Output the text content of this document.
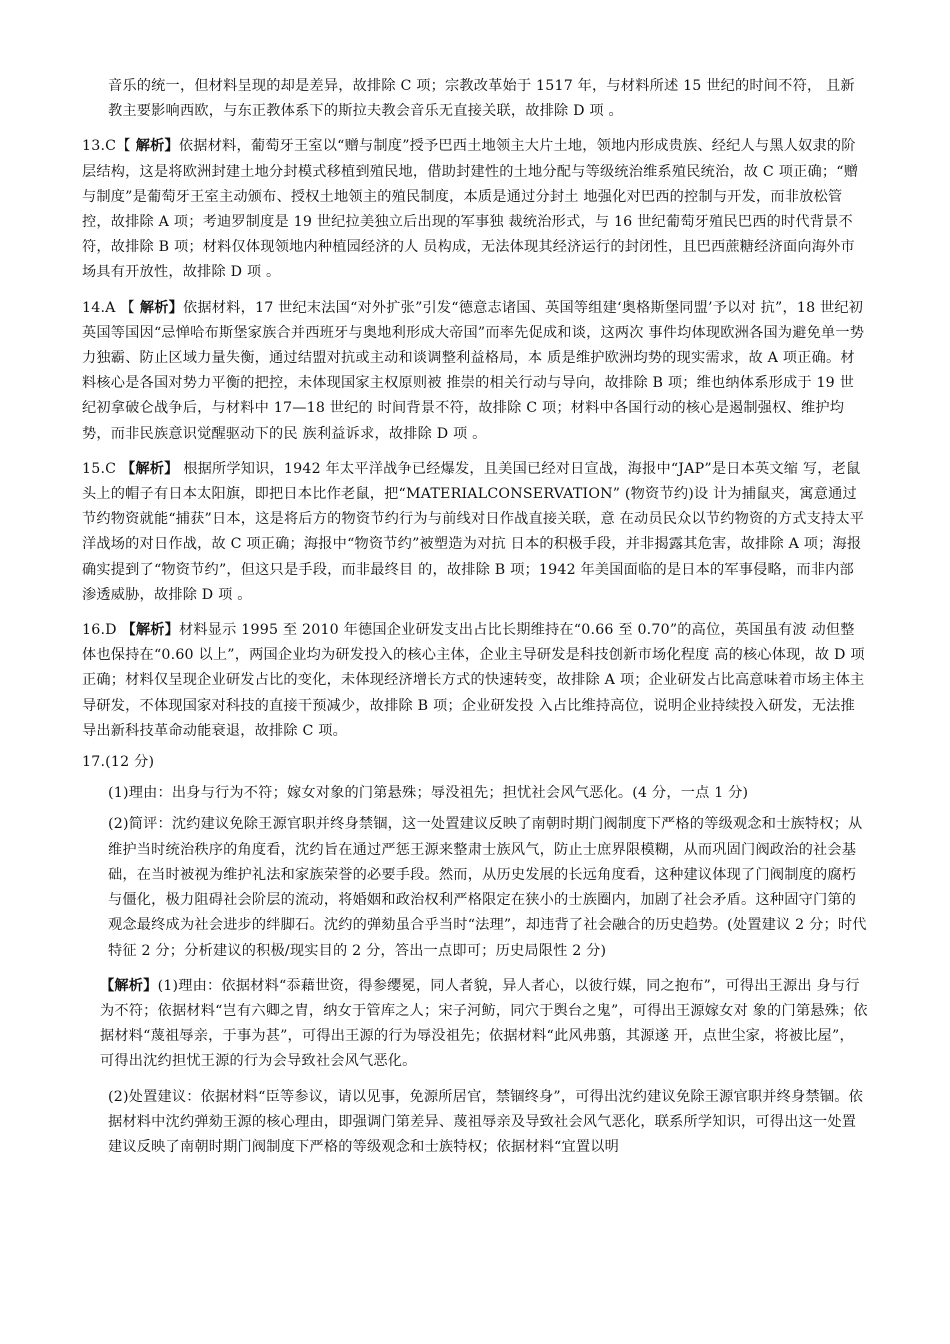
音乐的统一，但材料呈现的却是差异，故排除 C 项；宗教改革始于 1517 年，与材料所述 15 世纪的时间不符， 且新教主要影响西欧，与东正教体系下的斯拉夫教会音乐无直接关联，故排除 D 项 。

13.C【 解析】依据材料，葡萄牙王室以“赠与制度”授予巴西土地领主大片土地，领地内形成贵族、经纪人与黑人奴隶的阶层结构，这是将欧洲封建土地分封模式移植到殖民地，借助封建性的土地分配与等级统治维系殖民统治，故 C 项正确；“赠与制度”是葡萄牙王室主动颁布、授权土地领主的殖民制度，本质是通过分封土 地强化对巴西的控制与开发，而非放松管控，故排除 A 项；考迪罗制度是 19 世纪拉美独立后出现的军事独 裁统治形式，与 16 世纪葡萄牙殖民巴西的时代背景不符，故排除 B 项；材料仅体现领地内种植园经济的人 员构成，无法体现其经济运行的封闭性，且巴西蔗糖经济面向海外市场具有开放性，故排除 D 项 。

14.A 【 解析】依据材料，17 世纪末法国“对外扩张”引发“德意志诸国、英国等组建‘奥格斯堡同盟’予以对 抗”，18 世纪初英国等国因“忌惮哈布斯堡家族合并西班牙与奥地利形成大帝国”而率先促成和谈，这两次 事件均体现欧洲各国为避免单一势力独霸、防止区域力量失衡，通过结盟对抗或主动和谈调整利益格局，本 质是维护欧洲均势的现实需求，故 A 项正确。材料核心是各国对势力平衡的把控，未体现国家主权原则被 推崇的相关行动与导向，故排除 B 项；维也纳体系形成于 19 世纪初拿破仑战争后，与材料中 17—18 世纪的 时间背景不符，故排除 C 项；材料中各国行动的核心是遏制强权、维护均势，而非民族意识觉醒驱动下的民 族利益诉求，故排除 D 项 。

15.C 【解析】 根据所学知识，1942 年太平洋战争已经爆发，且美国已经对日宣战，海报中“JAP”是日本英文缩 写，老鼠头上的帽子有日本太阳旗，即把日本比作老鼠，把“MATERIALCONSERVATION” (物资节约)设 计为捕鼠夹，寓意通过节约物资就能“捕获”日本，这是将后方的物资节约行为与前线对日作战直接关联，意 在动员民众以节约物资的方式支持太平洋战场的对日作战，故 C 项正确；海报中“物资节约”被塑造为对抗 日本的积极手段，并非揭露其危害，故排除 A 项；海报确实提到了“物资节约”，但这只是手段，而非最终目 的，故排除 B 项；1942 年美国面临的是日本的军事侵略，而非内部渗透威胁，故排除 D 项 。

16.D 【解析】材料显示 1995 至 2010 年德国企业研发支出占比长期维持在“0.66 至 0.70”的高位，英国虽有波 动但整体也保持在“0.60 以上”，两国企业均为研发投入的核心主体，企业主导研发是科技创新市场化程度 高的核心体现，故 D 项正确；材料仅呈现企业研发占比的变化，未体现经济增长方式的快速转变，故排除 A 项；企业研发占比高意味着市场主体主导研发，不体现国家对科技的直接干预减少，故排除 B 项；企业研发投 入占比维持高位，说明企业持续投入研发，无法推导出新科技革命动能衰退，故排除 C 项。

17.(12 分)

(1)理由：出身与行为不符；嫁女对象的门第悬殊；辱没祖先；担忧社会风气恶化。(4 分，一点 1 分)

(2)简评：沈约建议免除王源官职并终身禁锢，这一处置建议反映了南朝时期门阀制度下严格的等级观念和士族特权；从维护当时统治秩序的角度看，沈约旨在通过严惩王源来整肃士族风气，防止士庶界限模糊，从而巩固门阀政治的社会基础，在当时被视为维护礼法和家族荣誉的必要手段。然而，从历史发展的长远角度看，这种建议体现了门阀制度的腐朽与僵化，极力阻碍社会阶层的流动，将婚姻和政治权利严格限定在狭小的士族圈内，加剧了社会矛盾。这种固守门第的观念最终成为社会进步的绊脚石。沈约的弹劾虽合乎当时“法理”，却违背了社会融合的历史趋势。(处置建议 2 分；时代特征 2 分；分析建议的积极/现实目的 2 分，答出一点即可；历史局限性 2 分)

【解析】(1)理由：依据材料“忝藉世资，得参缨冕，同人者貌，异人者心，以彼行媒，同之抱布”，可得出王源出 身与行为不符；依据材料“岂有六卿之胄，纳女于管库之人；宋子河鲂，同穴于舆台之鬼”，可得出王源嫁女对 象的门第悬殊；依据材料“蔑祖辱亲，于事为甚”，可得出王源的行为辱没祖先；依据材料“此风弗翦，其源遂 开，点世尘家，将被比屋”，可得出沈约担忧王源的行为会导致社会风气恶化。

(2)处置建议：依据材料“臣等参议，请以见事，免源所居官，禁锢终身”，可得出沈约建议免除王源官职并终身禁锢。依据材料中沈约弹劾王源的核心理由，即强调门第差异、蔑祖辱亲及导致社会风气恶化，联系所学知识，可得出这一处置建议反映了南朝时期门阀制度下严格的等级观念和士族特权；依据材料“宜置以明
